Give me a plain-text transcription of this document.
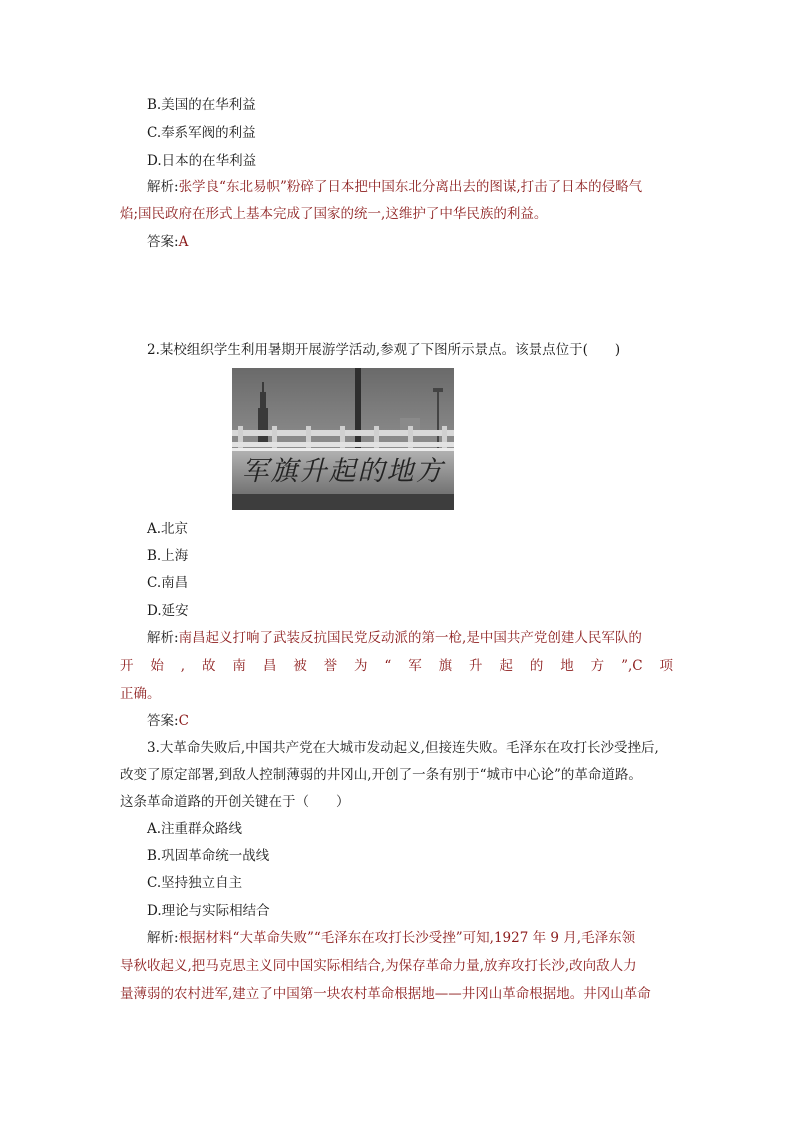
B.美国的在华利益
C.奉系军阀的利益
D.日本的在华利益
解析:张学良“东北易帜”粉碎了日本把中国东北分离出去的图谋,打击了日本的侵略气
焰;国民政府在形式上基本完成了国家的统一,这维护了中华民族的利益。
答案:A
2.某校组织学生利用暑期开展游学活动,参观了下图所示景点。该景点位于(　　)
军旗升起的地方
A.北京
B.上海
C.南昌
D.延安
解析:南昌起义打响了武装反抗国民党反动派的第一枪,是中国共产党创建人民军队的
开始,故南昌被誉为“军旗升起的地方”,C项
正确。
答案:C
3.大革命失败后,中国共产党在大城市发动起义,但接连失败。毛泽东在攻打长沙受挫后,
改变了原定部署,到敌人控制薄弱的井冈山,开创了一条有别于“城市中心论”的革命道路。
这条革命道路的开创关键在于（　　）
A.注重群众路线
B.巩固革命统一战线
C.坚持独立自主
D.理论与实际相结合
解析:根据材料“大革命失败”“毛泽东在攻打长沙受挫”可知,1927 年 9 月,毛泽东领
导秋收起义,把马克思主义同中国实际相结合,为保存革命力量,放弃攻打长沙,改向敌人力
量薄弱的农村进军,建立了中国第一块农村革命根据地——井冈山革命根据地。井冈山革命
